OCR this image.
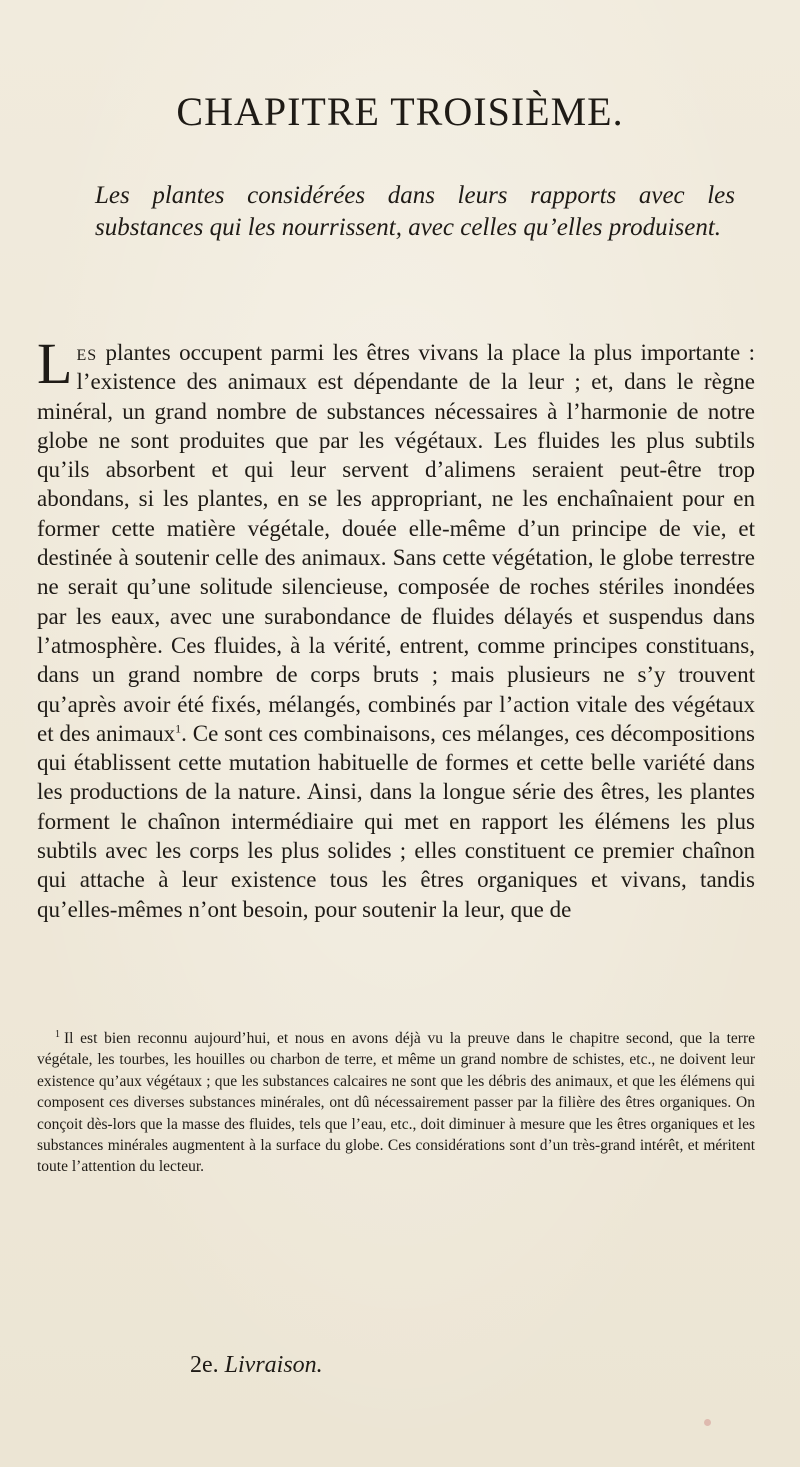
CHAPITRE TROISIÈME.
Les plantes considérées dans leurs rapports avec les substances qui les nourrissent, avec celles qu’elles produisent.

Les plantes occupent parmi les êtres vivans la place la plus importante : l’existence des animaux est dépendante de la leur ; et, dans le règne minéral, un grand nombre de substances nécessaires à l’harmonie de notre globe ne sont produites que par les végétaux. Les fluides les plus subtils qu’ils absorbent et qui leur servent d’alimens seraient peut-être trop abondans, si les plantes, en se les appropriant, ne les enchaînaient pour en former cette matière végétale, douée elle-même d’un principe de vie, et destinée à soutenir celle des animaux. Sans cette végétation, le globe terrestre ne serait qu’une solitude silencieuse, composée de roches stériles inondées par les eaux, avec une surabondance de fluides délayés et suspendus dans l’atmosphère. Ces fluides, à la vérité, entrent, comme principes constituans, dans un grand nombre de corps bruts ; mais plusieurs ne s’y trouvent qu’après avoir été fixés, mélangés, combinés par l’action vitale des végétaux et des animaux$^1$. Ce sont ces combinaisons, ces mélanges, ces décompositions qui établissent cette mutation habituelle de formes et cette belle variété dans les productions de la nature. Ainsi, dans la longue série des êtres, les plantes forment le chaînon intermédiaire qui met en rapport les élémens les plus subtils avec les corps les plus solides ; elles constituent ce premier chaînon qui attache à leur existence tous les êtres organiques et vivans, tandis qu’elles-mêmes n’ont besoin, pour soutenir la leur, que de

$^1$ Il est bien reconnu aujourd’hui, et nous en avons déjà vu la preuve dans le chapitre second, que la terre végétale, les tourbes, les houilles ou charbon de terre, et même un grand nombre de schistes, etc., ne doivent leur existence qu’aux végétaux ; que les substances calcaires ne sont que les débris des animaux, et que les élémens qui composent ces diverses substances minérales, ont dû nécessairement passer par la filière des êtres organiques. On conçoit dès-lors que la masse des fluides, tels que l’eau, etc., doit diminuer à mesure que les êtres organiques et les substances minérales augmentent à la surface du globe. Ces considérations sont d’un très-grand intérêt, et méritent toute l’attention du lecteur.

2e. Livraison.
